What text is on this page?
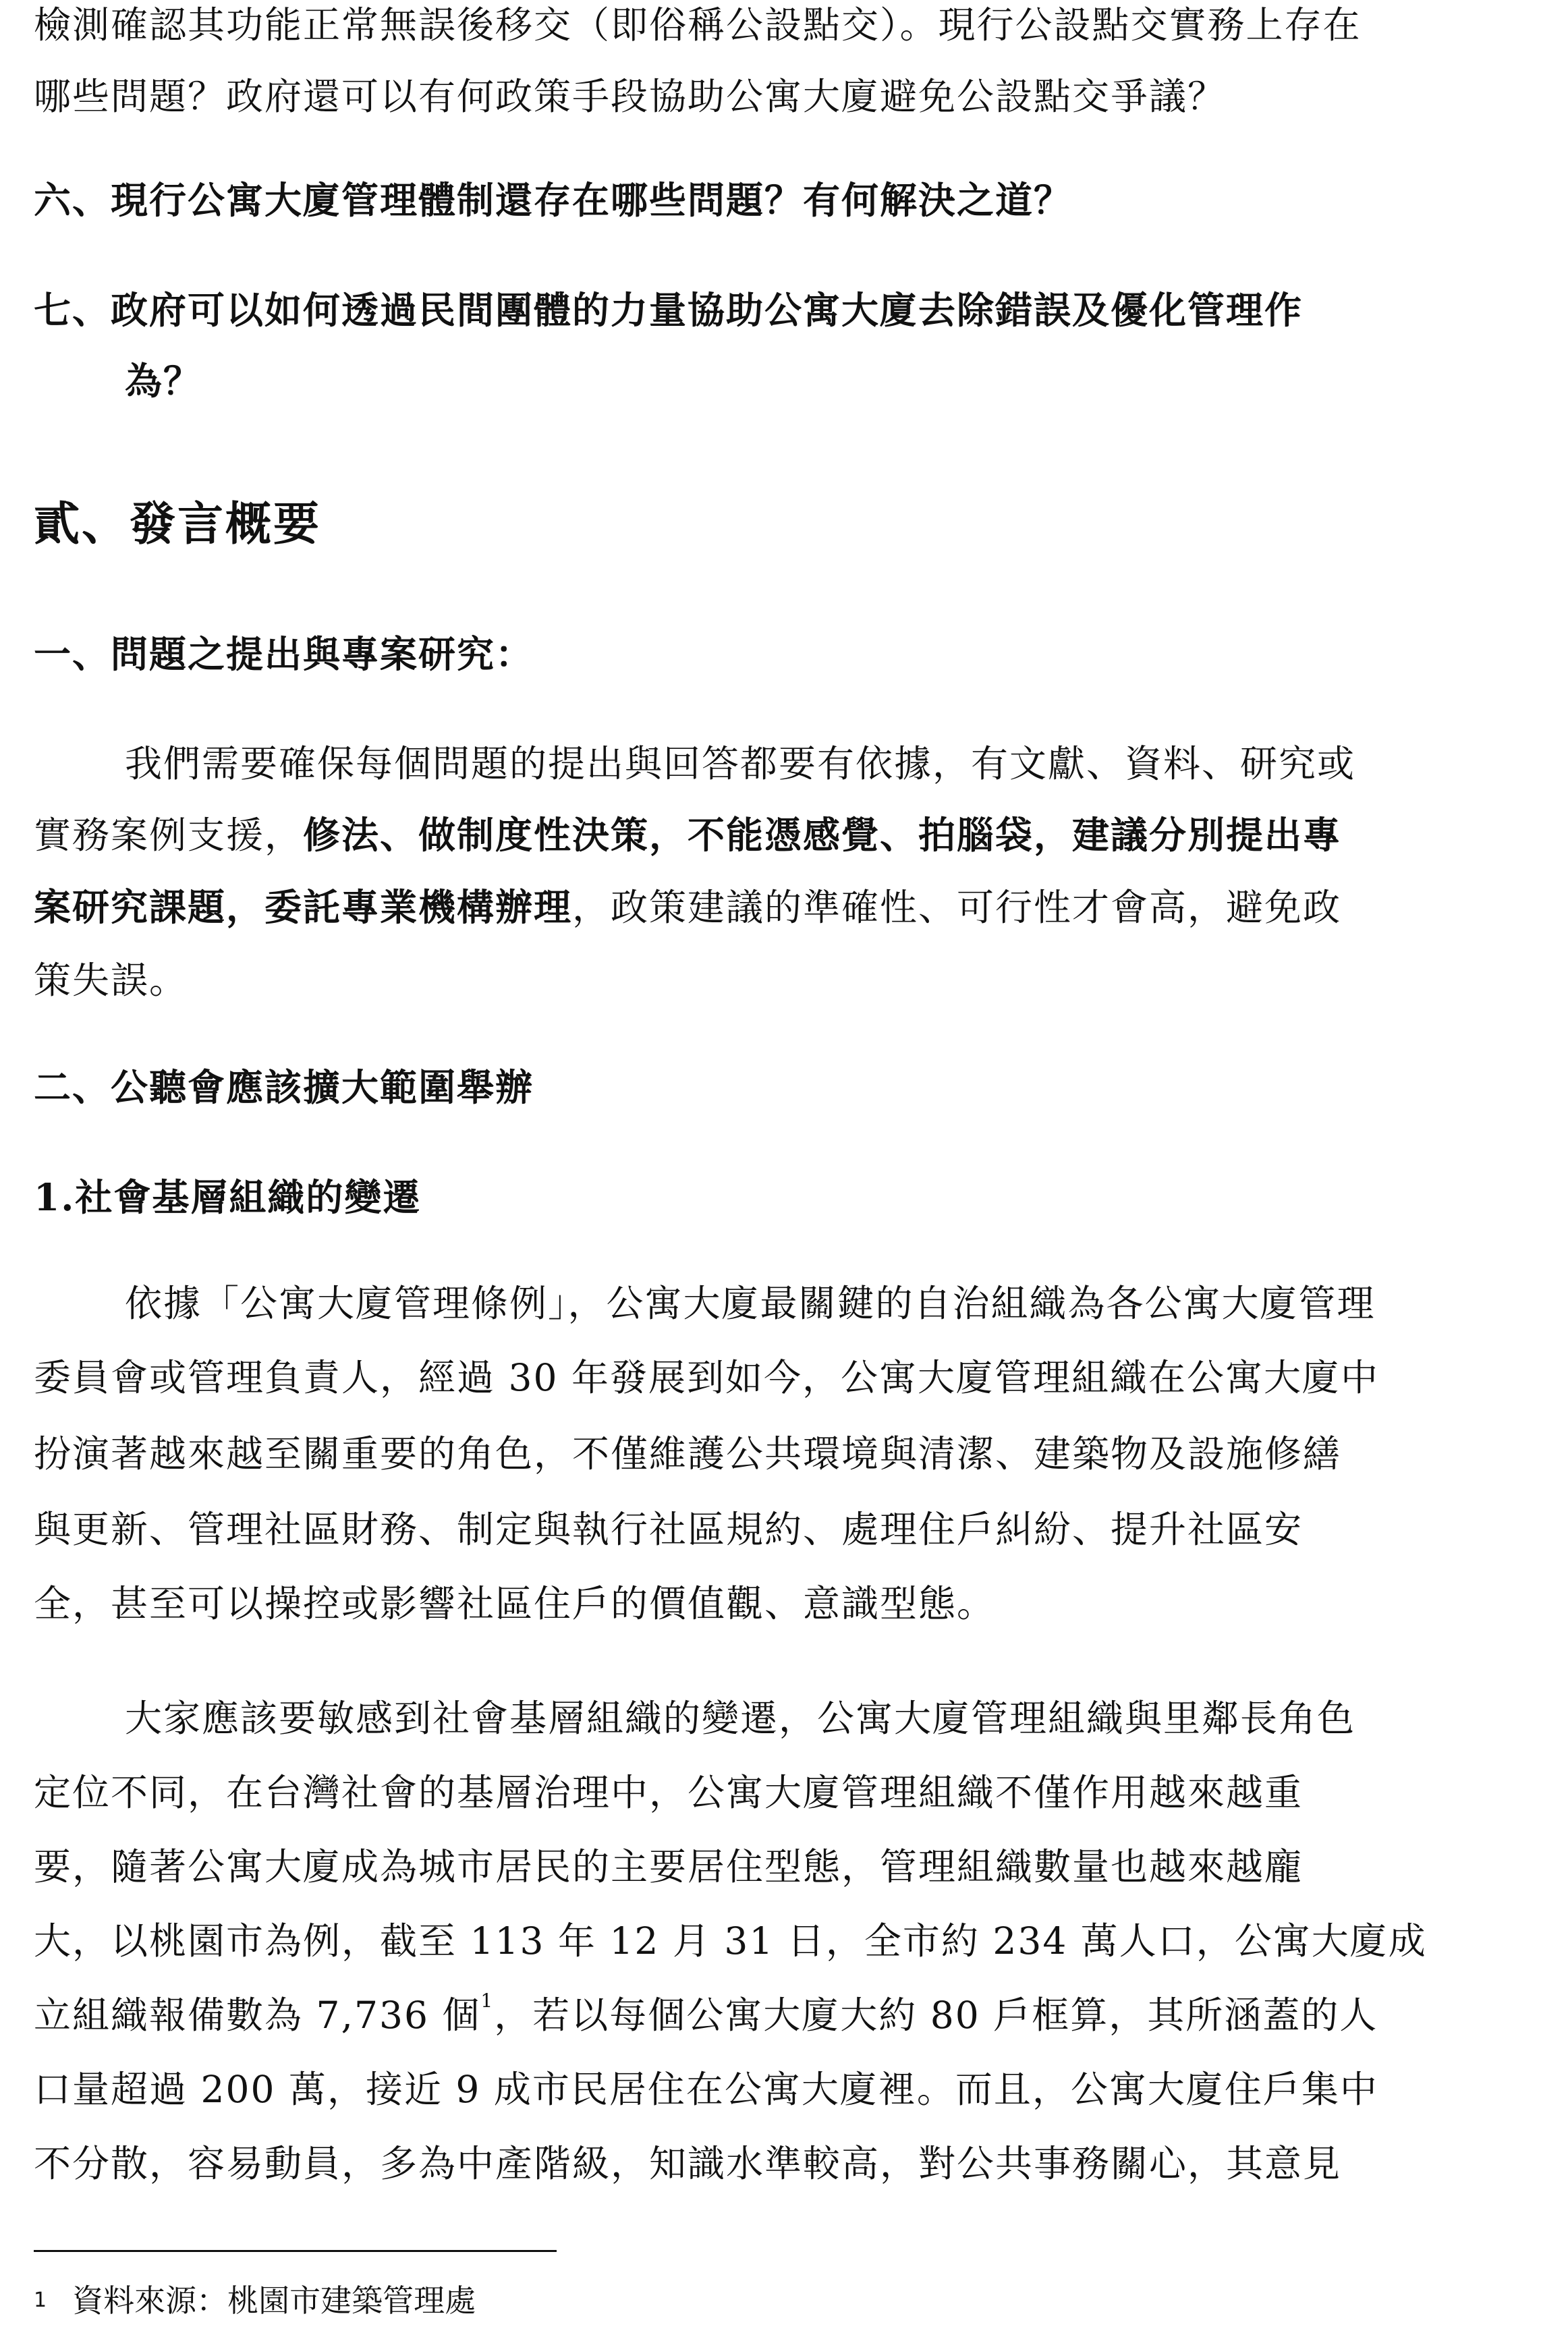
檢測確認其功能正常無誤後移交（即俗稱公設點交）。現行公設點交實務上存在
哪些問題？政府還可以有何政策手段協助公寓大廈避免公設點交爭議？
六、現行公寓大廈管理體制還存在哪些問題？有何解決之道？
七、政府可以如何透過民間團體的力量協助公寓大廈去除錯誤及優化管理作
為？
貳、發言概要
一、問題之提出與專案研究：
我們需要確保每個問題的提出與回答都要有依據，有文獻、資料、研究或
實務案例支援，修法、做制度性決策，不能憑感覺、拍腦袋，建議分別提出專
案研究課題，委託專業機構辦理，政策建議的準確性、可行性才會高，避免政
策失誤。
二、公聽會應該擴大範圍舉辦
1.社會基層組織的變遷
依據「公寓大廈管理條例」，公寓大廈最關鍵的自治組織為各公寓大廈管理
委員會或管理負責人，經過 30 年發展到如今，公寓大廈管理組織在公寓大廈中
扮演著越來越至關重要的角色，不僅維護公共環境與清潔、建築物及設施修繕
與更新、管理社區財務、制定與執行社區規約、處理住戶糾紛、提升社區安
全，甚至可以操控或影響社區住戶的價值觀、意識型態。
大家應該要敏感到社會基層組織的變遷，公寓大廈管理組織與里鄰長角色
定位不同，在台灣社會的基層治理中，公寓大廈管理組織不僅作用越來越重
要，隨著公寓大廈成為城市居民的主要居住型態，管理組織數量也越來越龐
大，以桃園市為例，截至 113 年 12 月 31 日，全市約 234 萬人口，公寓大廈成
立組織報備數為 7,736 個$^1$，若以每個公寓大廈大約 80 戶框算，其所涵蓋的人
口量超過 200 萬，接近 9 成市民居住在公寓大廈裡。而且，公寓大廈住戶集中
不分散，容易動員，多為中產階級，知識水準較高，對公共事務關心，其意見
$^1$ 資料來源：桃園市建築管理處
